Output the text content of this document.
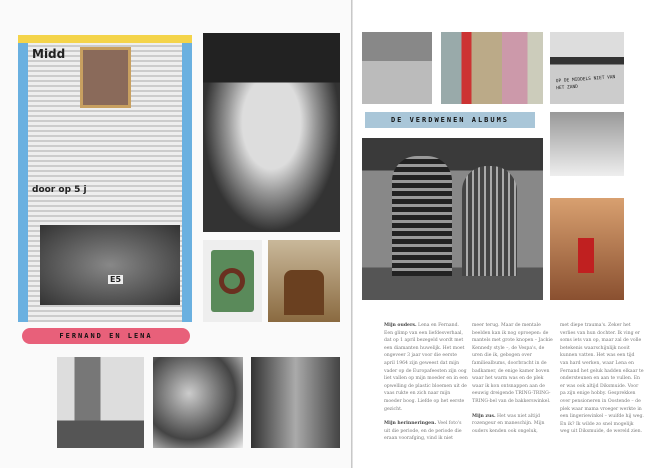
Midd
door op 5 j
E5
FERNAND EN LENA
OP DE MIDDELS NIET VAN HET ZAND
DE VERDWENEN ALBUMS

Mijn ouders. Lena en Fernand. Een glimp van een liefdesverhaal, dat op 1 april bezegeld wordt met een diamanten huwelijk. Het moet ongeveer 3 jaar voor die eerste april 1964 zijn geweest dat mijn vader op de Europafeesten zijn oog liet vallen op mijn moeder en in een opwelling de plastic bloemen uit de vaas rukte en zich naar mijn moeder boog. Liefde op het eerste gezicht.

Mijn herinneringen. Veel foto's uit die periode, en de periode die eraan voorafging, vind ik niet

meer terug. Maar de mentale beelden kan ik nog oproepen: de mantels met grote knopen – Jackie Kennedy style –, de Vespa's, de uren die ik, gebogen over familiealbums, doorbracht in de badkamer, de enige kamer boven waar het warm was en de plek waar ik kon ontsnappen aan de eeuwig dreigende TRING-TRING-TRING-bel van de bakkerswinkel.

Mijn zus. Het was niet altijd rozengeur en maneschijn. Mijn ouders kenden ook ongeluk,

met diepe trauma's. Zeker het verlies van hun dochter. Ik ving er soms iets van op, maar zal de volle betekenis waarschijnlijk nooit kunnen vatten. Het was een tijd van hard werken, waar Lena en Fernand het geluk hadden elkaar te ondersteunen en aan te vullen. En er was ook altijd Diksmuide. Voor pa zijn enige hobby. Gesprekken over pensioneren in Oostende – de plek waar mama vroeger werkte in een lingeriewinkel – wuifde hij weg. En ik? Ik wilde zo snel mogelijk weg uit Diksmuide, de wereld zien.
